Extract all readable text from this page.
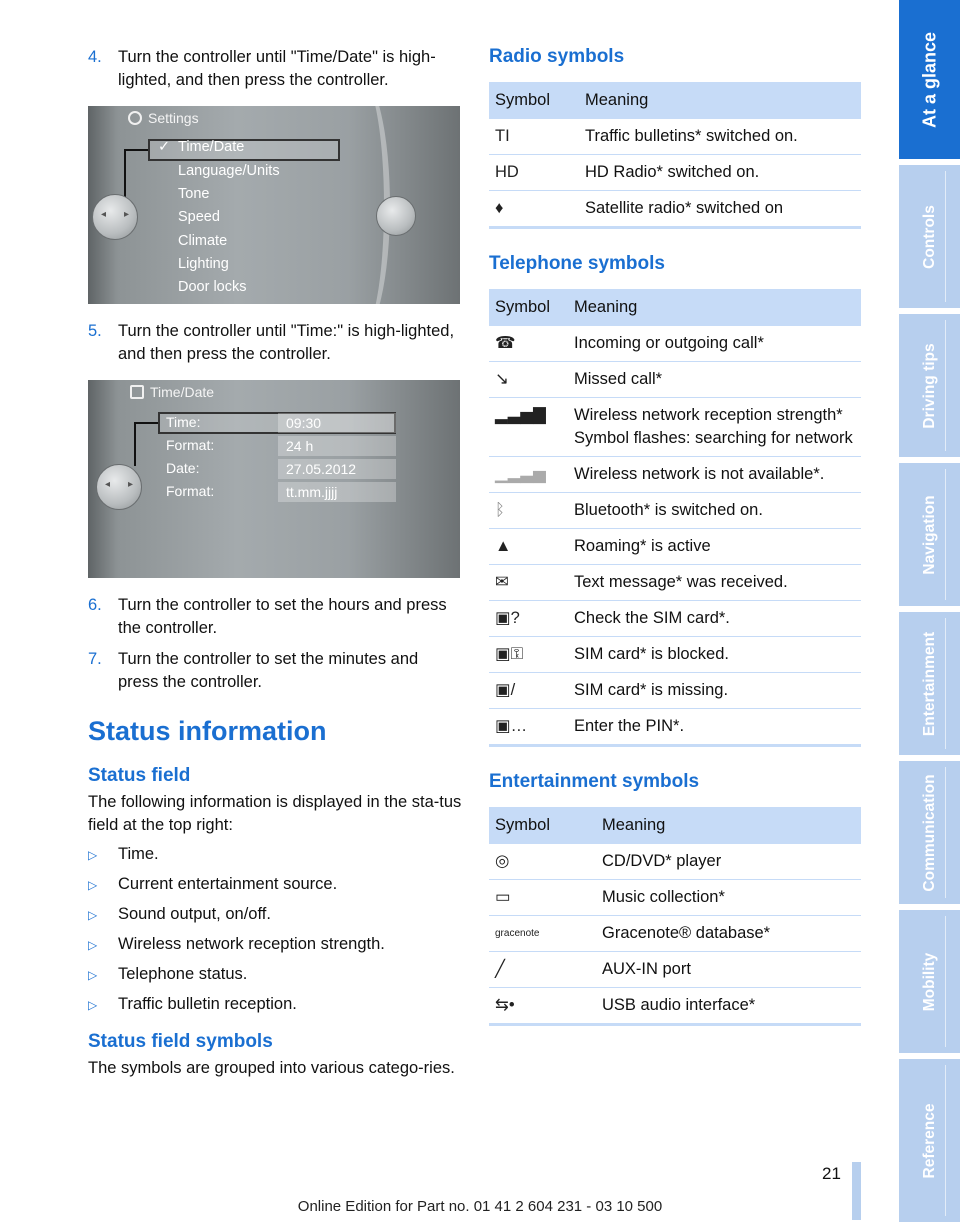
4. Turn the controller until "Time/Date" is high-lighted, and then press the controller.
Settings
✓ Time/Date
Language/Units
Tone
Speed
Climate
Lighting
Door locks
◂ ▸
5. Turn the controller until "Time:" is high-lighted, and then press the controller.
Time/Date
Time:	09:30
Format:	24 h
Date:	27.05.2012
Format:	tt.mm.jjjj
◂ ▸
6. Turn the controller to set the hours and press the controller.
7. Turn the controller to set the minutes and press the controller.
Status information
Status field

The following information is displayed in the sta-tus field at the top right:

▷	Time.
▷	Current entertainment source.
▷	Sound output, on/off.
▷	Wireless network reception strength.
▷	Telephone status.
▷	Traffic bulletin reception.
Status field symbols

The symbols are grouped into various catego-ries.

Radio symbols
Symbol	Meaning
TI	Traffic bulletins* switched on.
HD	HD Radio* switched on.
♦	Satellite radio* switched on
Telephone symbols
Symbol	Meaning
☎	Incoming or outgoing call*
↘	Missed call*
▂▃▅▇	Wireless network reception strength* Symbol flashes: searching for network
▁▂▃▅	Wireless network is not available*.
ᛒ	Bluetooth* is switched on.
▲	Roaming* is active
✉	Text message* was received.
▣?	Check the SIM card*.
▣⚿	SIM card* is blocked.
▣/	SIM card* is missing.
▣…	Enter the PIN*.
Entertainment symbols
Symbol	Meaning
◎	CD/DVD* player
▭	Music collection*
gracenote	Gracenote® database*
╱	AUX-IN port
⇆•	USB audio interface*
At a glance
Controls
Driving tips
Navigation
Entertainment
Communication
Mobility
Reference
21
Online Edition for Part no. 01 41 2 604 231 - 03 10 500
